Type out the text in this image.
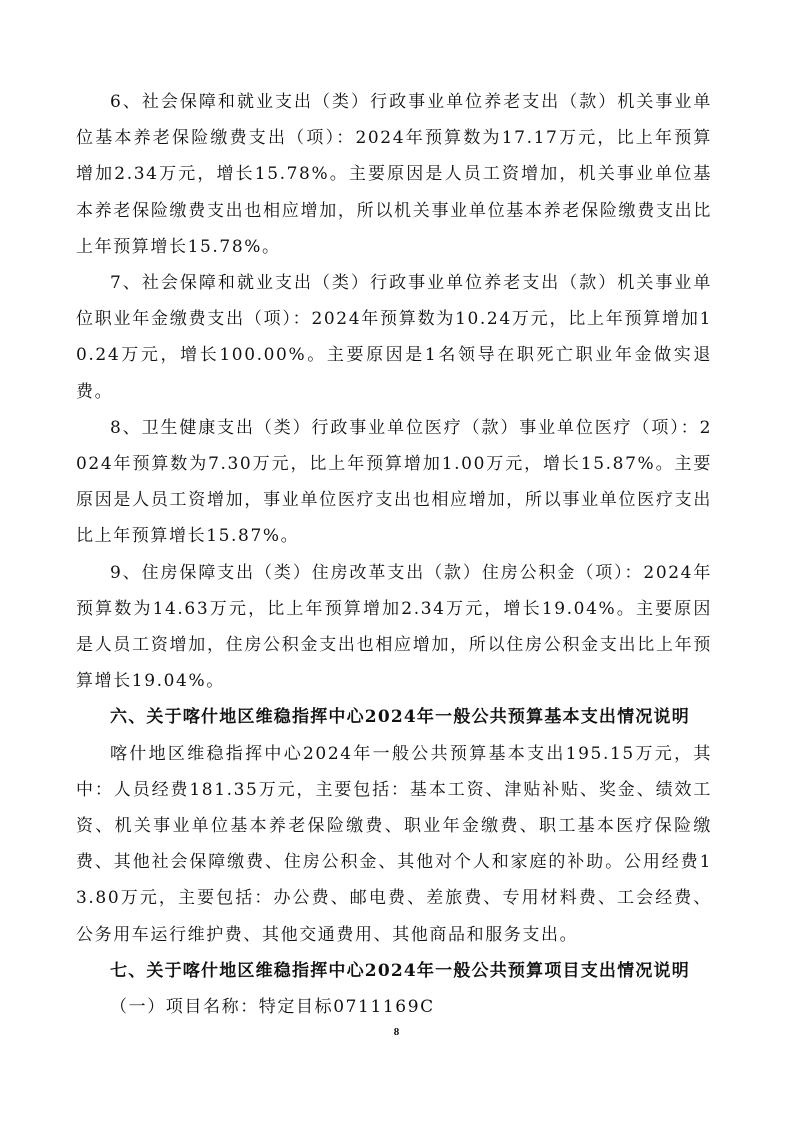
6、社会保障和就业支出（类）行政事业单位养老支出（款）机关事业单位基本养老保险缴费支出（项）：2024年预算数为17.17万元，比上年预算增加2.34万元，增长15.78%。主要原因是人员工资增加，机关事业单位基本养老保险缴费支出也相应增加，所以机关事业单位基本养老保险缴费支出比上年预算增长15.78%。

7、社会保障和就业支出（类）行政事业单位养老支出（款）机关事业单位职业年金缴费支出（项）：2024年预算数为10.24万元，比上年预算增加10.24万元，增长100.00%。主要原因是1名领导在职死亡职业年金做实退费。

8、卫生健康支出（类）行政事业单位医疗（款）事业单位医疗（项）：2024年预算数为7.30万元，比上年预算增加1.00万元，增长15.87%。主要原因是人员工资增加，事业单位医疗支出也相应增加，所以事业单位医疗支出比上年预算增长15.87%。

9、住房保障支出（类）住房改革支出（款）住房公积金（项）：2024年预算数为14.63万元，比上年预算增加2.34万元，增长19.04%。主要原因是人员工资增加，住房公积金支出也相应增加，所以住房公积金支出比上年预算增长19.04%。

六、关于喀什地区维稳指挥中心2024年一般公共预算基本支出情况说明

喀什地区维稳指挥中心2024年一般公共预算基本支出195.15万元，其中：人员经费181.35万元，主要包括：基本工资、津贴补贴、奖金、绩效工资、机关事业单位基本养老保险缴费、职业年金缴费、职工基本医疗保险缴费、其他社会保障缴费、住房公积金、其他对个人和家庭的补助。公用经费13.80万元，主要包括：办公费、邮电费、差旅费、专用材料费、工会经费、公务用车运行维护费、其他交通费用、其他商品和服务支出。

七、关于喀什地区维稳指挥中心2024年一般公共预算项目支出情况说明

（一）项目名称：特定目标0711169C

8
